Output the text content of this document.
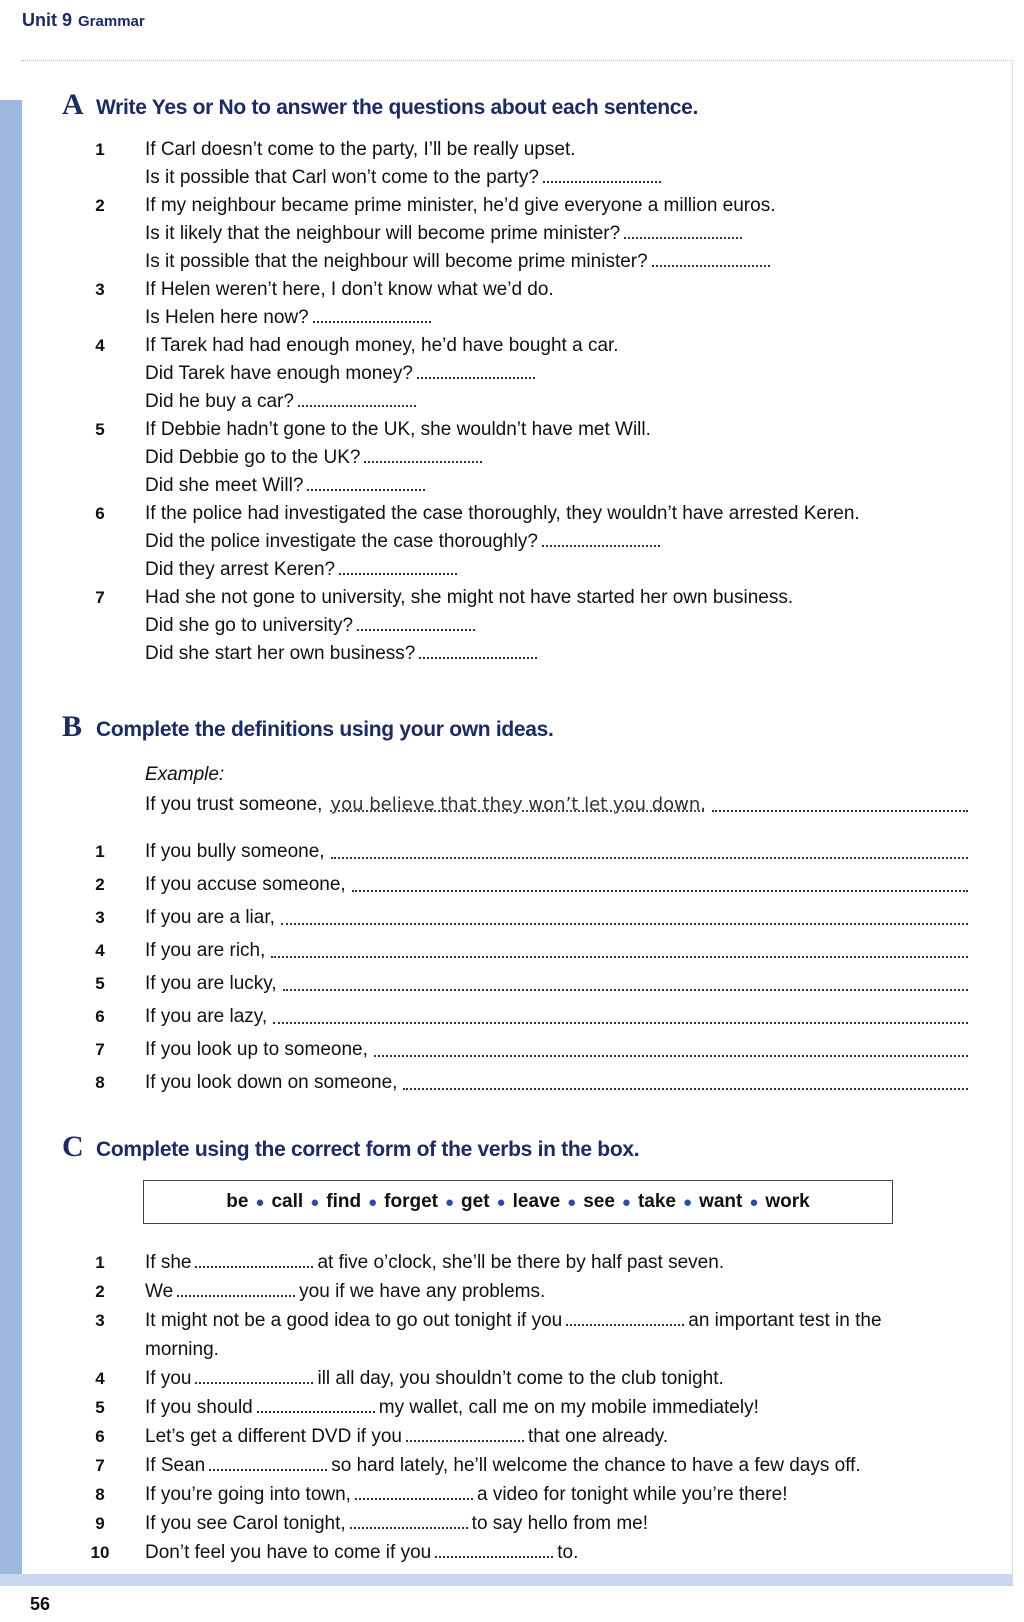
Unit 9 Grammar
56
A Write Yes or No to answer the questions about each sentence.
1	If Carl doesn’t come to the party, I’ll be really upset.
Is it possible that Carl won’t come to the party?
2	If my neighbour became prime minister, he’d give everyone a million euros.
Is it likely that the neighbour will become prime minister?
Is it possible that the neighbour will become prime minister?
3	If Helen weren’t here, I don’t know what we’d do.
Is Helen here now?
4	If Tarek had had enough money, he’d have bought a car.
Did Tarek have enough money?
Did he buy a car?
5	If Debbie hadn’t gone to the UK, she wouldn’t have met Will.
Did Debbie go to the UK?
Did she meet Will?
6	If the police had investigated the case thoroughly, they wouldn’t have arrested Keren.
Did the police investigate the case thoroughly?
Did they arrest Keren?
7	Had she not gone to university, she might not have started her own business.
Did she go to university?
Did she start her own business?
B Complete the definitions using your own ideas.
Example:
If you trust someone, you believe that they won’t let you down.
1	If you bully someone,
2	If you accuse someone,
3	If you are a liar,
4	If you are rich,
5	If you are lucky,
6	If you are lazy,
7	If you look up to someone,
8	If you look down on someone,
C Complete using the correct form of the verbs in the box.
be ● call ● find ● forget ● get ● leave ● see ● take ● want ● work
1	If she	at five o’clock, she’ll be there by half past seven.
2	We	you if we have any problems.
3	It might not be a good idea to go out tonight if you	an important test in the
morning.
4	If you	ill all day, you shouldn’t come to the club tonight.
5	If you should	my wallet, call me on my mobile immediately!
6	Let’s get a different DVD if you	that one already.
7	If Sean	so hard lately, he’ll welcome the chance to have a few days off.
8	If you’re going into town,	a video for tonight while you’re there!
9	If you see Carol tonight,	to say hello from me!
10 Don’t feel you have to come if you	to.
